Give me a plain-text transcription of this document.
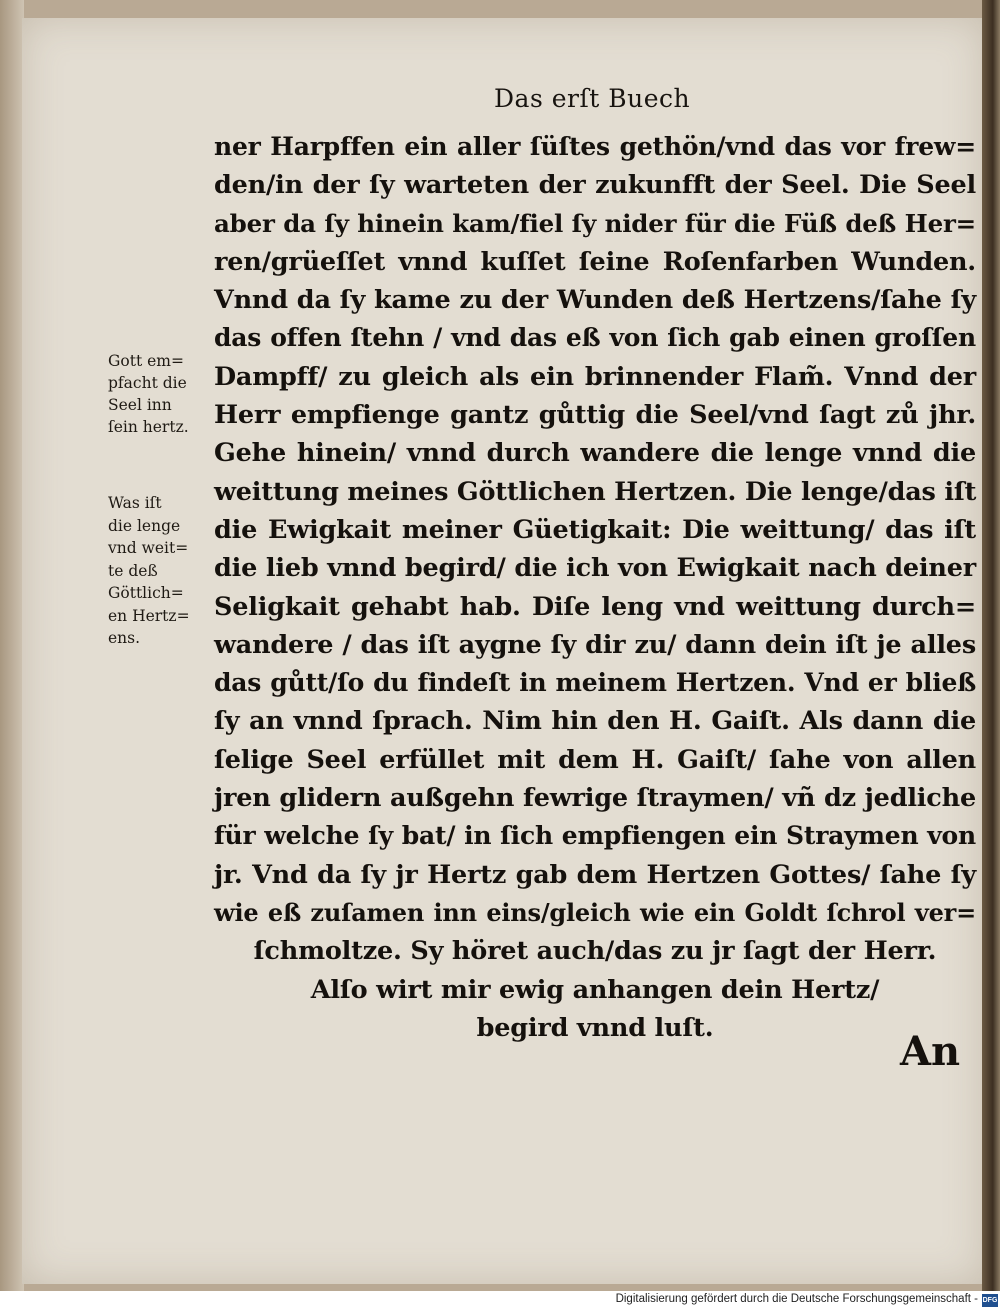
Das erſt Buech
ner Harpffen ein aller ſüſtes gethön/vnd das vor frew=
den/in der ſy warteten der zukunfft der Seel. Die Seel
aber da ſy hinein kam/fiel ſy nider für die Füß deß Her=
ren/grüeſſet vnnd kuſſet ſeine Roſenfarben Wunden.
Vnnd da ſy kame zu der Wunden deß Hertzens/ſahe ſy
das offen ſtehn / vnd das eß von ſich gab einen groſſen
Dampff/ zu gleich als ein brinnender Flam̃. Vnnd der
Herr empfienge gantz gůttig die Seel/vnd ſagt zů jhr.
Gehe hinein/ vnnd durch wandere die lenge vnnd die
weittung meines Göttlichen Hertzen. Die lenge/das iſt
die Ewigkait meiner Güetigkait: Die weittung/ das iſt
die lieb vnnd begird/ die ich von Ewigkait nach deiner
Seligkait gehabt hab. Diſe leng vnd weittung durch=
wandere / das iſt aygne ſy dir zu/ dann dein iſt je alles
das gůtt/ſo du findeſt in meinem Hertzen. Vnd er bließ
ſy an vnnd ſprach. Nim hin den H. Gaiſt. Als dann die
ſelige Seel erfüllet mit dem H. Gaiſt/ ſahe von allen
jren glidern außgehn fewrige ſtraymen/ vñ dz jedliche
für welche ſy bat/ in ſich empfiengen ein Straymen von
jr. Vnd da ſy jr Hertz gab dem Hertzen Gottes/ ſahe ſy
wie eß zuſamen inn eins/gleich wie ein Goldt ſchrol ver=
ſchmoltze. Sy höret auch/das zu jr ſagt der Herr.
Alſo wirt mir ewig anhangen dein Hertz/
begird vnnd luſt.
An
Gott em=
pfacht die
Seel inn
ſein hertz.
Was iſt
die lenge
vnd weit=
te deß
Göttlich=
en Hertz=
ens.
Digitalisierung gefördert durch die Deutsche Forschungsgemeinschaft - DFG
